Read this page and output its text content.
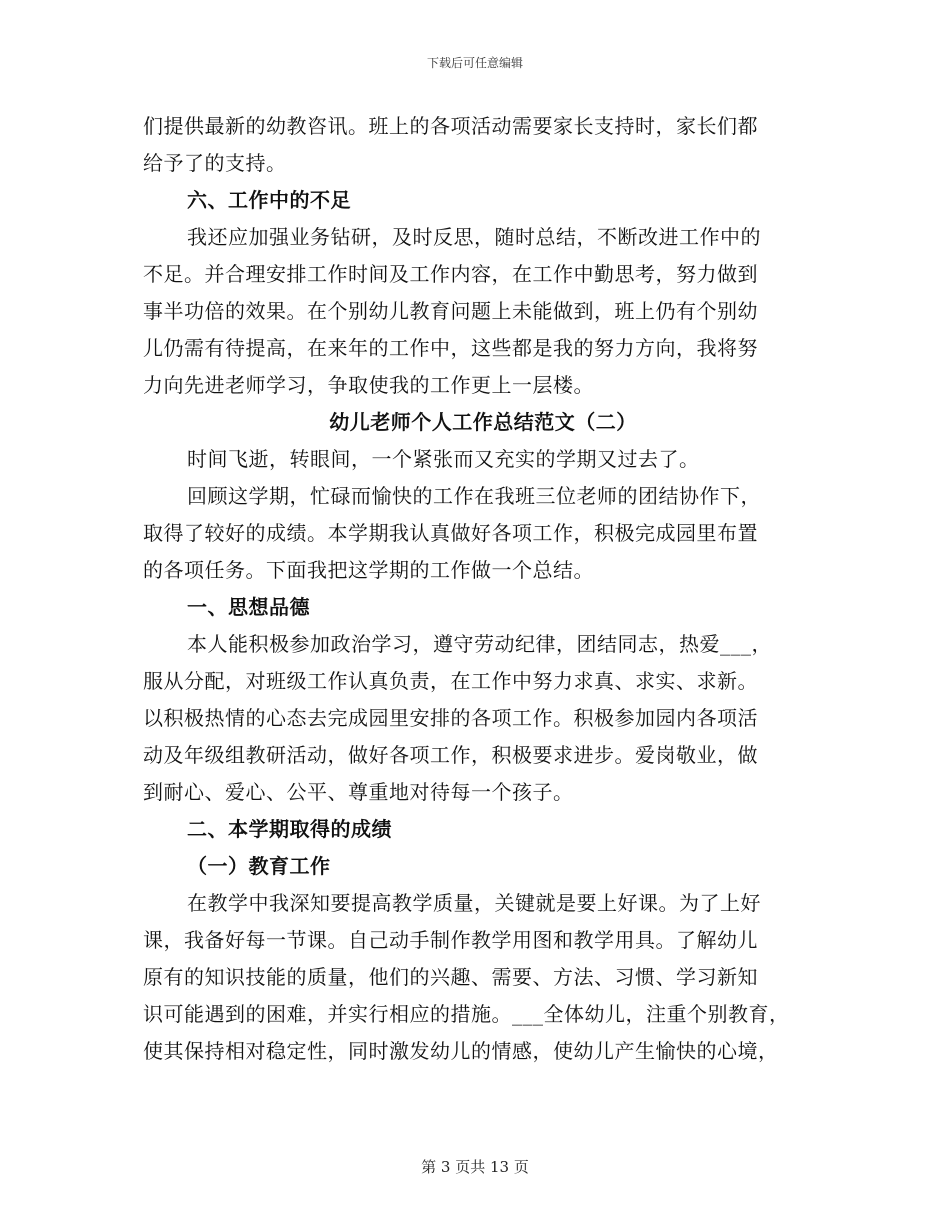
下载后可任意编辑
们提供最新的幼教咨讯。班上的各项活动需要家长支持时，家长们都
给予了的支持。
六、工作中的不足
我还应加强业务钻研，及时反思，随时总结，不断改进工作中的
不足。并合理安排工作时间及工作内容，在工作中勤思考，努力做到
事半功倍的效果。在个别幼儿教育问题上未能做到，班上仍有个别幼
儿仍需有待提高，在来年的工作中，这些都是我的努力方向，我将努
力向先进老师学习，争取使我的工作更上一层楼。
幼儿老师个人工作总结范文（二）
时间飞逝，转眼间，一个紧张而又充实的学期又过去了。
回顾这学期，忙碌而愉快的工作在我班三位老师的团结协作下，
取得了较好的成绩。本学期我认真做好各项工作，积极完成园里布置
的各项任务。下面我把这学期的工作做一个总结。
一、思想品德
本人能积极参加政治学习，遵守劳动纪律，团结同志，热爱___，
服从分配，对班级工作认真负责，在工作中努力求真、求实、求新。
以积极热情的心态去完成园里安排的各项工作。积极参加园内各项活
动及年级组教研活动，做好各项工作，积极要求进步。爱岗敬业，做
到耐心、爱心、公平、尊重地对待每一个孩子。
二、本学期取得的成绩
（一）教育工作
在教学中我深知要提高教学质量，关键就是要上好课。为了上好
课，我备好每一节课。自己动手制作教学用图和教学用具。了解幼儿
原有的知识技能的质量，他们的兴趣、需要、方法、习惯、学习新知
识可能遇到的困难，并实行相应的措施。___全体幼儿，注重个别教育，
使其保持相对稳定性，同时激发幼儿的情感，使幼儿产生愉快的心境，
第 3 页共 13 页
